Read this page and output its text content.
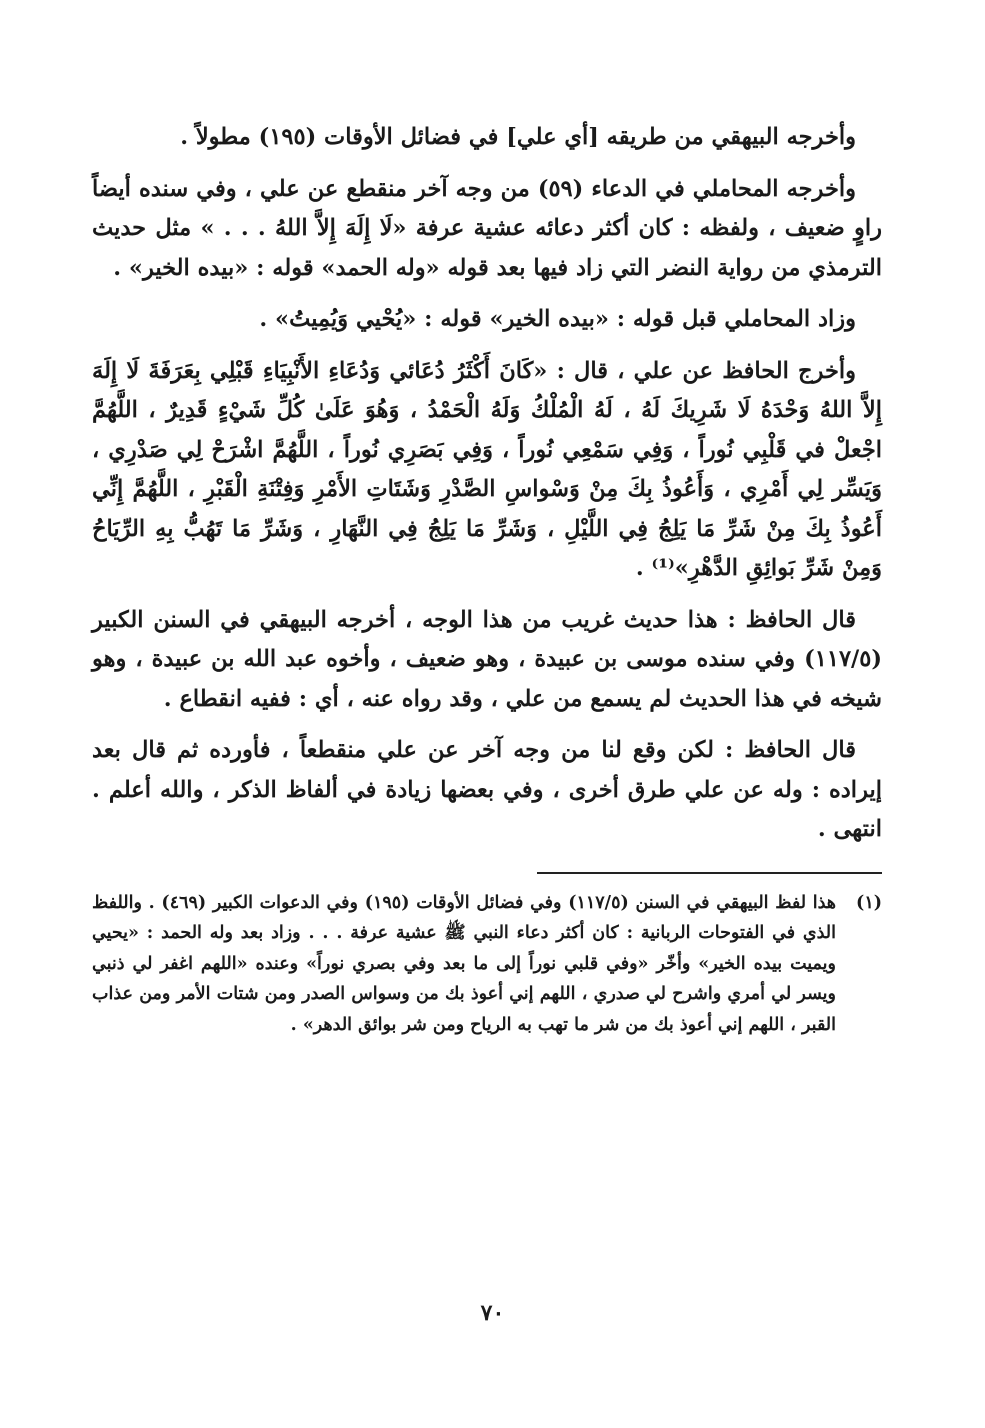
وأخرجه البيهقي من طريقه [أي علي] في فضائل الأوقات (١٩٥) مطولاً .

وأخرجه المحاملي في الدعاء (٥٩) من وجه آخر منقطع عن علي ، وفي سنده أيضاً راوٍ ضعيف ، ولفظه : كان أكثر دعائه عشية عرفة «لَا إِلَهَ إِلاَّ اللهُ . . . » مثل حديث الترمذي من رواية النضر التي زاد فيها بعد قوله «وله الحمد» قوله : «بيده الخير» .

وزاد المحاملي قبل قوله : «بيده الخير» قوله : «يُحْيي وَيُمِيتُ» .

وأخرج الحافظ عن علي ، قال : «كَانَ أَكْثَرُ دُعَائي وَدُعَاءِ الأَنْبِيَاءِ قَبْلِي بِعَرَفَةَ لَا إِلَهَ إِلاَّ اللهُ وَحْدَهُ لَا شَرِيكَ لَهُ ، لَهُ الْمُلْكُ وَلَهُ الْحَمْدُ ، وَهُوَ عَلَىٰ كُلِّ شَيْءٍ قَدِيرٌ ، اللَّهُمَّ اجْعلْ في قَلْبِي نُوراً ، وَفِي سَمْعِي نُوراً ، وَفِي بَصَرِي نُوراً ، اللَّهُمَّ اشْرَحْ لِي صَدْرِي ، وَيَسِّر لِي أَمْرِي ، وَأَعُوذُ بِكَ مِنْ وَسْواسِ الصَّدْرِ وَشَتَاتِ الأَمْرِ وَفِتْنَةِ الْقَبْرِ ، اللَّهُمَّ إِنِّي أَعُوذُ بِكَ مِنْ شَرِّ مَا يَلِجُ فِي اللَّيْلِ ، وَشَرِّ مَا يَلِجُ فِي النَّهَارِ ، وَشَرِّ مَا تَهُبُّ بِهِ الرِّيَاحُ وَمِنْ شَرِّ بَوائِقِ الدَّهْرِ»⁽¹⁾ .

قال الحافظ : هذا حديث غريب من هذا الوجه ، أخرجه البيهقي في السنن الكبير (١١٧/٥) وفي سنده موسى بن عبيدة ، وهو ضعيف ، وأخوه عبد الله بن عبيدة ، وهو شيخه في هذا الحديث لم يسمع من علي ، وقد رواه عنه ، أي : ففيه انقطاع .

قال الحافظ : لكن وقع لنا من وجه آخر عن علي منقطعاً ، فأورده ثم قال بعد إيراده : وله عن علي طرق أخرى ، وفي بعضها زيادة في ألفاظ الذكر ، والله أعلم . انتهى .

(١)
هذا لفظ البيهقي في السنن (١١٧/٥) وفي فضائل الأوقات (١٩٥) وفي الدعوات الكبير (٤٦٩) . واللفظ الذي في الفتوحات الربانية : كان أكثر دعاء النبي ﷺ عشية عرفة . . . وزاد بعد وله الحمد : «يحيي ويميت بيده الخير» وأخّر «وفي قلبي نوراً إلى ما بعد وفي بصري نوراً» وعنده «اللهم اغفر لي ذنبي ويسر لي أمري واشرح لي صدري ، اللهم إني أعوذ بك من وسواس الصدر ومن شتات الأمر ومن عذاب القبر ، اللهم إني أعوذ بك من شر ما تهب به الرياح ومن شر بوائق الدهر» .
٧٠
